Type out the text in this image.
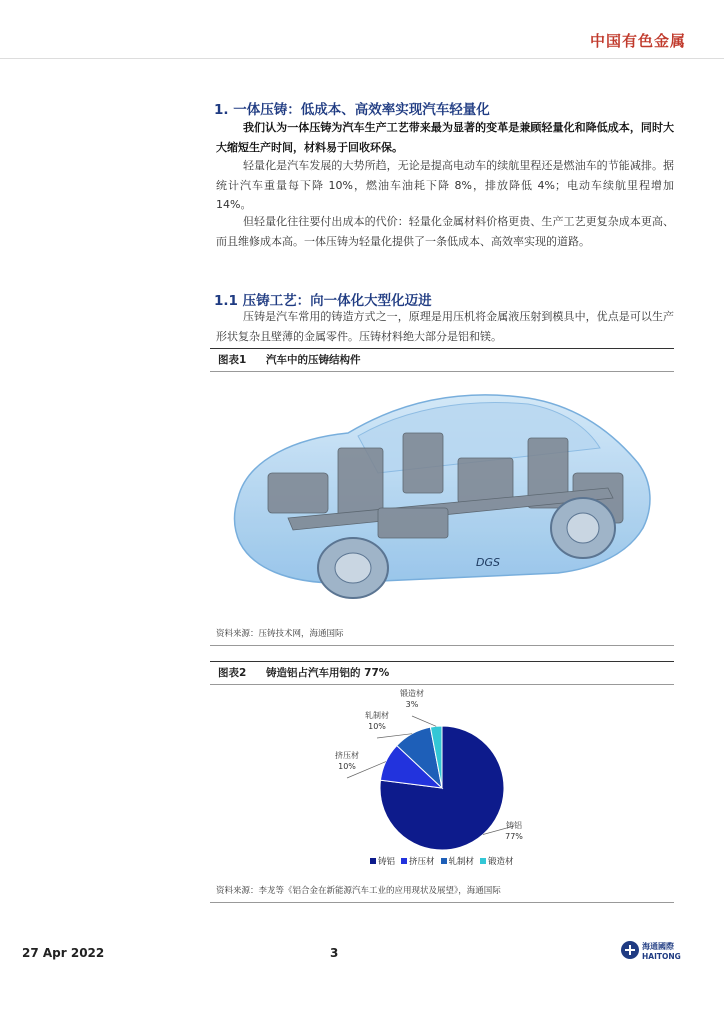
中国有色金属
1. 一体压铸：低成本、高效率实现汽车轻量化
我们认为一体压铸为汽车生产工艺带来最为显著的变革是兼顾轻量化和降低成本，同时大大缩短生产时间，材料易于回收环保。
轻量化是汽车发展的大势所趋，无论是提高电动车的续航里程还是燃油车的节能减排。据统计汽车重量每下降 10%，燃油车油耗下降 8%，排放降低 4%；电动车续航里程增加 14%。
但轻量化往往要付出成本的代价：轻量化金属材料价格更贵、生产工艺更复杂成本更高、而且维修成本高。一体压铸为轻量化提供了一条低成本、高效率实现的道路。
1.1 压铸工艺：向一体化大型化迈进
压铸是汽车常用的铸造方式之一，原理是用压机将金属液压射到模具中，优点是可以生产形状复杂且壁薄的金属零件。压铸材料绝大部分是铝和镁。
图表1 汽车中的压铸结构件
DGS
资料来源：压铸技术网，海通国际
图表2 铸造铝占汽车用铝的 77%
铸铝
77%
挤压材
10%
轧制材
10%
锻造材
3%
铸铝 挤压材 轧制材 锻造材
资料来源：李龙等《铝合金在新能源汽车工业的应用现状及展望》，海通国际
27 Apr 2022	3	海通國際
HAITONG
